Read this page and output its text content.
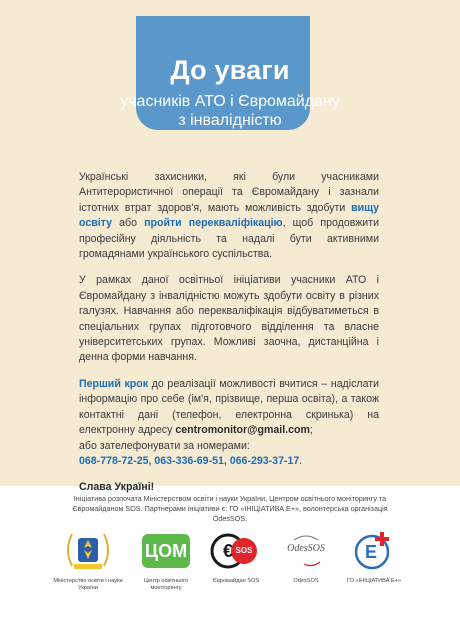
До уваги
учасників АТО і Євромайдану
з інвалідністю

Українські захисники, які були учасниками Антитерористичної операції та Євромайдану і зазнали істотних втрат здоров'я, мають можливість здобути вищу освіту або пройти перекваліфікацію, щоб продовжити професійну діяльність та надалі бути активними громадянами українського суспільства.

У рамках даної освітньої ініціативи учасники АТО і Євромайдану з інвалідністю можуть здобути освіту в різних галузях. Навчання або перекваліфікація відбуватиметься в спеціальних групах підготовчого відділення та власне університетських групах. Можливі заочна, дистанційна і денна форми навчання.

Перший крок до реалізації можливості вчитися – надіслати інформацію про себе (ім'я, прізвище, перша освіта), а також контактні дані (телефон, електронна скринька) на електронну адресу centromonitor@gmail.com;
або зателефонувати за номерами:
068-778-72-25, 063-336-69-51, 066-293-37-17.

Слава Україні!

Ініціатива розпочата Міністерством освіти і науки України, Центром освітнього моніторингу та Євромайданом SOS. Партнерами ініціативи є: ГО «ІНІЦІАТИВА Е+», волонтерська організація OdesSOS.
Міністерство освіти і науки України
ЦОМ
Центр освітнього моніторингу
€ SOS
Євромайдан SOS
OdesSOS
OdesSOS
E
ГО «ІНІЦІАТИВА Е+»
